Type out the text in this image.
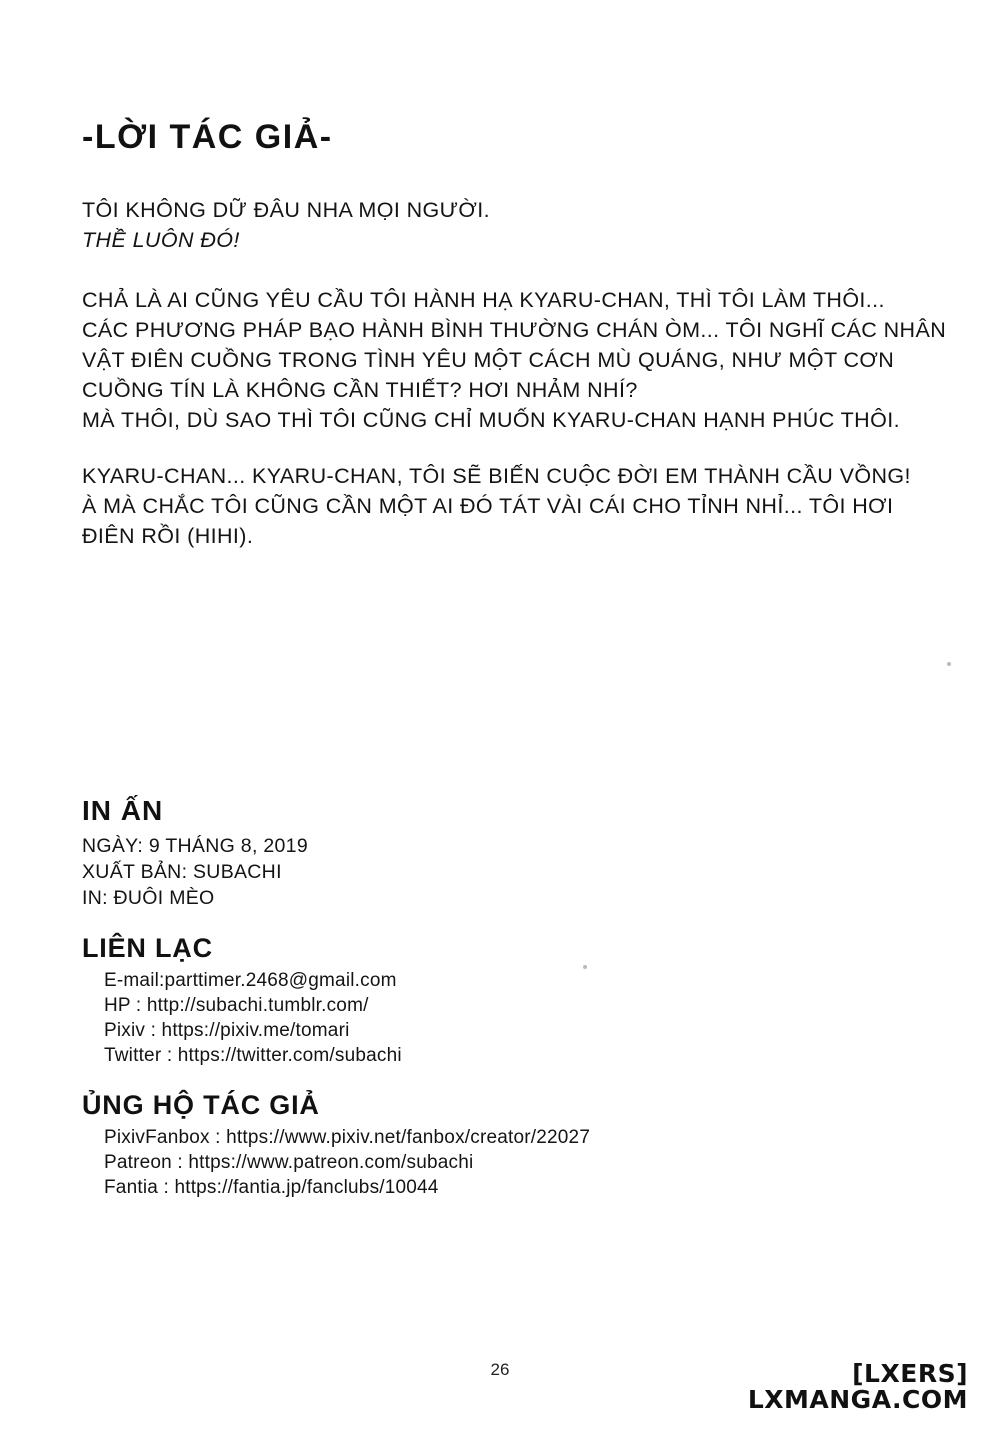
-LỜI TÁC GIẢ-

TÔI KHÔNG DỮ ĐÂU NHA MỌI NGƯỜI.
THỀ LUÔN ĐÓ!

CHẢ LÀ AI CŨNG YÊU CẦU TÔI HÀNH HẠ KYARU-CHAN, THÌ TÔI LÀM THÔI...
CÁC PHƯƠNG PHÁP BẠO HÀNH BÌNH THƯỜNG CHÁN ÒM... TÔI NGHĨ CÁC NHÂN
VẬT ĐIÊN CUỒNG TRONG TÌNH YÊU MỘT CÁCH MÙ QUÁNG, NHƯ MỘT CƠN
CUỒNG TÍN LÀ KHÔNG CẦN THIẾT? HƠI NHẢM NHÍ?
MÀ THÔI, DÙ SAO THÌ TÔI CŨNG CHỈ MUỐN KYARU-CHAN HẠNH PHÚC THÔI.

KYARU-CHAN... KYARU-CHAN, TÔI SẼ BIẾN CUỘC ĐỜI EM THÀNH CẦU VỒNG!
À MÀ CHẮC TÔI CŨNG CẦN MỘT AI ĐÓ TÁT VÀI CÁI CHO TỈNH NHỈ... TÔI HƠI
ĐIÊN RỒI (HIHI).

IN ẤN

NGÀY: 9 THÁNG 8, 2019

XUẤT BẢN: SUBACHI

IN: ĐUÔI MÈO

LIÊN LẠC
E-mail:parttimer.2468@gmail.com
HP : http://subachi.tumblr.com/
Pixiv : https://pixiv.me/tomari
Twitter : https://twitter.com/subachi
ỦNG HỘ TÁC GIẢ
PixivFanbox : https://www.pixiv.net/fanbox/creator/22027
Patreon : https://www.patreon.com/subachi
Fantia : https://fantia.jp/fanclubs/10044
26	[LXERS]
LXMANGA.COM
